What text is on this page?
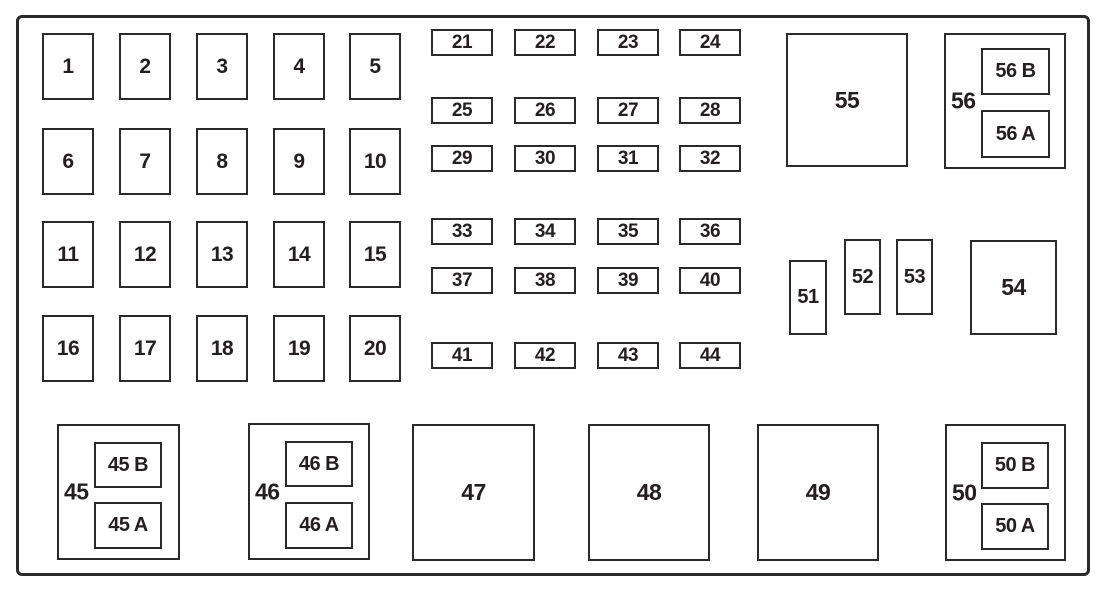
1	2	3	4	5
6	7	8	9	10
11	12	13	14	15
16	17	18	19	20
21	22	23	24
25	26	27	28
29	30	31	32
33	34	35	36
37	38	39	40
41	42	43	44
55	56
56 B
56 A
51
52	53	54
45
45 B
45 A
46
46 B
46 A
47	48	49	50
50 B
50 A
